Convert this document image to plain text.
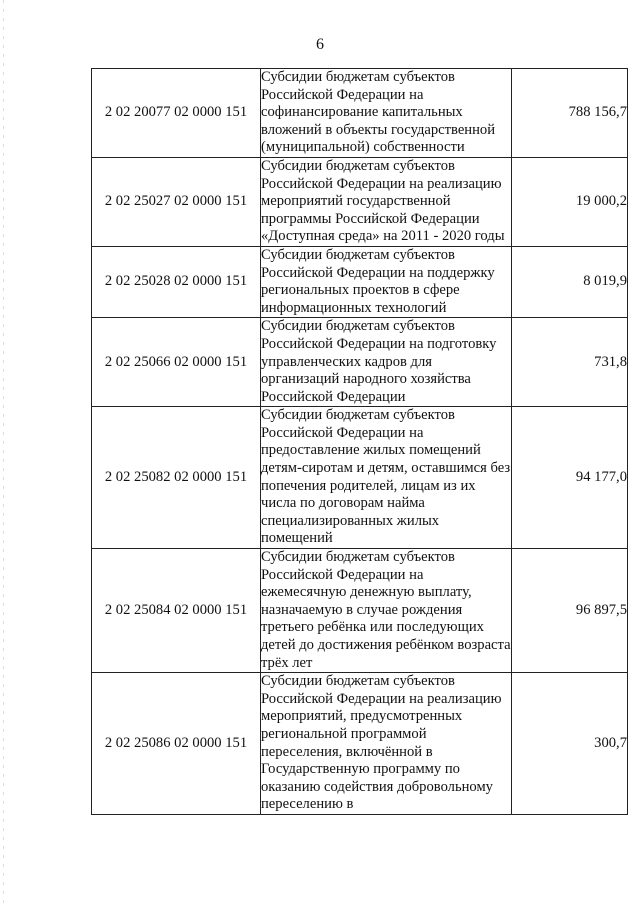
6
2 02 20077 02 0000 151	Субсидии бюджетам субъектов Российской Федерации на софинансирование капитальных вложений в объекты государственной (муниципальной) собственности	788 156,7
2 02 25027 02 0000 151	Субсидии бюджетам субъектов Российской Федерации на реализацию мероприятий государственной программы Российской Федерации «Доступная среда» на 2011 - 2020 годы	19 000,2
2 02 25028 02 0000 151	Субсидии бюджетам субъектов Российской Федерации на поддержку региональных проектов в сфере информационных технологий	8 019,9
2 02 25066 02 0000 151	Субсидии бюджетам субъектов Российской Федерации на подготовку управленческих кадров для организаций народного хозяйства Российской Федерации	731,8
2 02 25082 02 0000 151	Субсидии бюджетам субъектов Российской Федерации на предоставление жилых помещений детям-сиротам и детям, оставшимся без попечения родителей, лицам из их числа по договорам найма специализированных жилых помещений	94 177,0
2 02 25084 02 0000 151	Субсидии бюджетам субъектов Российской Федерации на ежемесячную денежную выплату, назначаемую в случае рождения третьего ребёнка или последующих детей до достижения ребёнком возраста трёх лет	96 897,5
2 02 25086 02 0000 151	Субсидии бюджетам субъектов Российской Федерации на реализацию мероприятий, предусмотренных региональной программой переселения, включённой в Государственную программу по оказанию содействия добровольному переселению в	300,7
